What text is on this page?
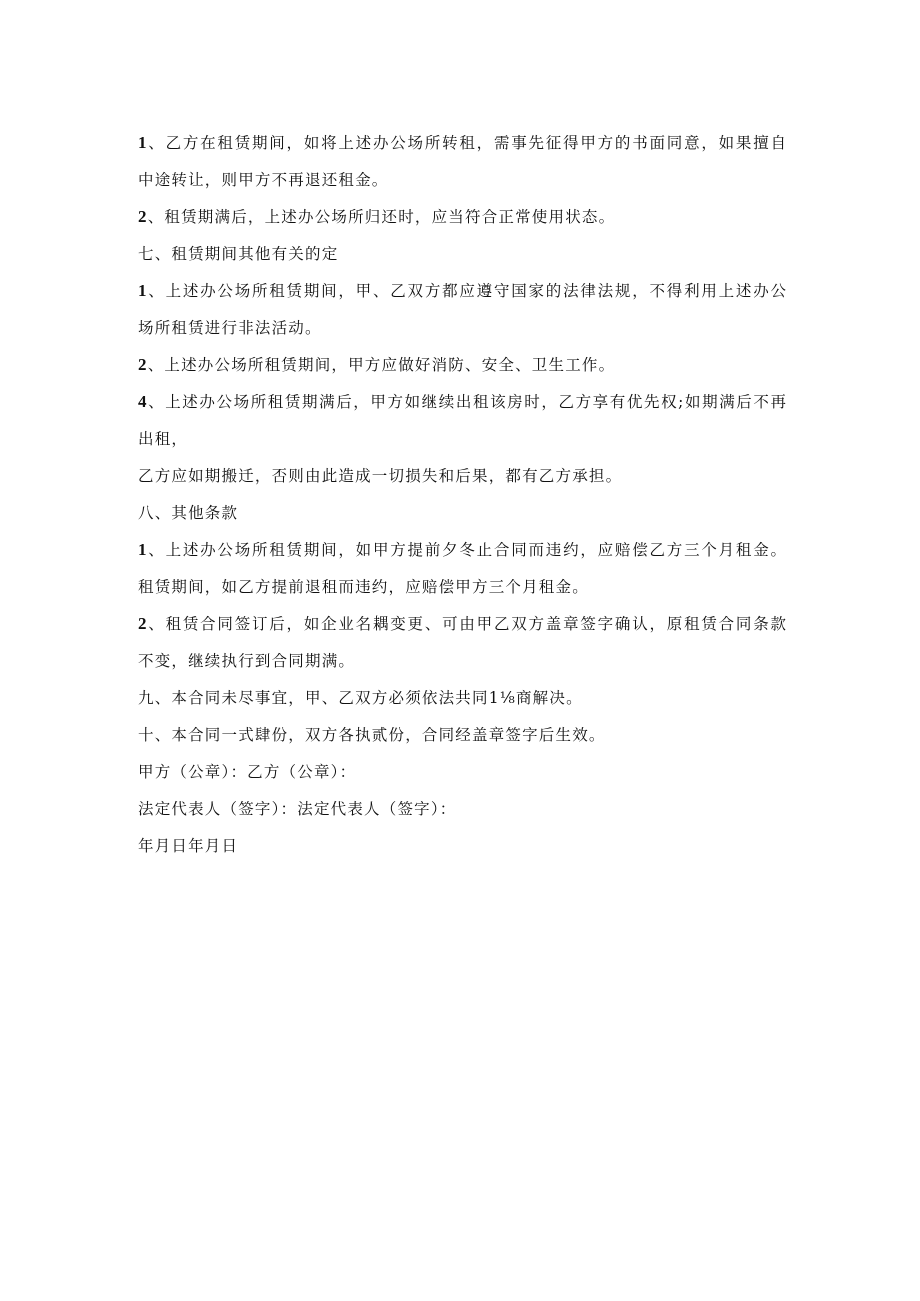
1、乙方在租赁期间，如将上述办公场所转租，需事先征得甲方的书面同意，如果擅自

中途转让，则甲方不再退还租金。

2、租赁期满后，上述办公场所归还时，应当符合正常使用状态。

七、租赁期间其他有关的定

1、上述办公场所租赁期间，甲、乙双方都应遵守国家的法律法规，不得利用上述办公

场所租赁进行非法活动。

2、上述办公场所租赁期间，甲方应做好消防、安全、卫生工作。

4、上述办公场所租赁期满后，甲方如继续出租该房时，乙方享有优先权;如期满后不再

出租，

乙方应如期搬迁，否则由此造成一切损失和后果，都有乙方承担。

八、其他条款

1、上述办公场所租赁期间，如甲方提前夕冬止合同而违约，应赔偿乙方三个月租金。

租赁期间，如乙方提前退租而违约，应赔偿甲方三个月租金。

2、租赁合同签订后，如企业名耦变更、可由甲乙双方盖章签字确认，原租赁合同条款

不变，继续执行到合同期满。

九、本合同未尽事宜，甲、乙双方必须依法共同1⅛商解决。

十、本合同一式肆份，双方各执贰份，合同经盖章签字后生效。

甲方（公章）：乙方（公章）：

法定代表人（签字）：法定代表人（签字）：

年月日年月日
